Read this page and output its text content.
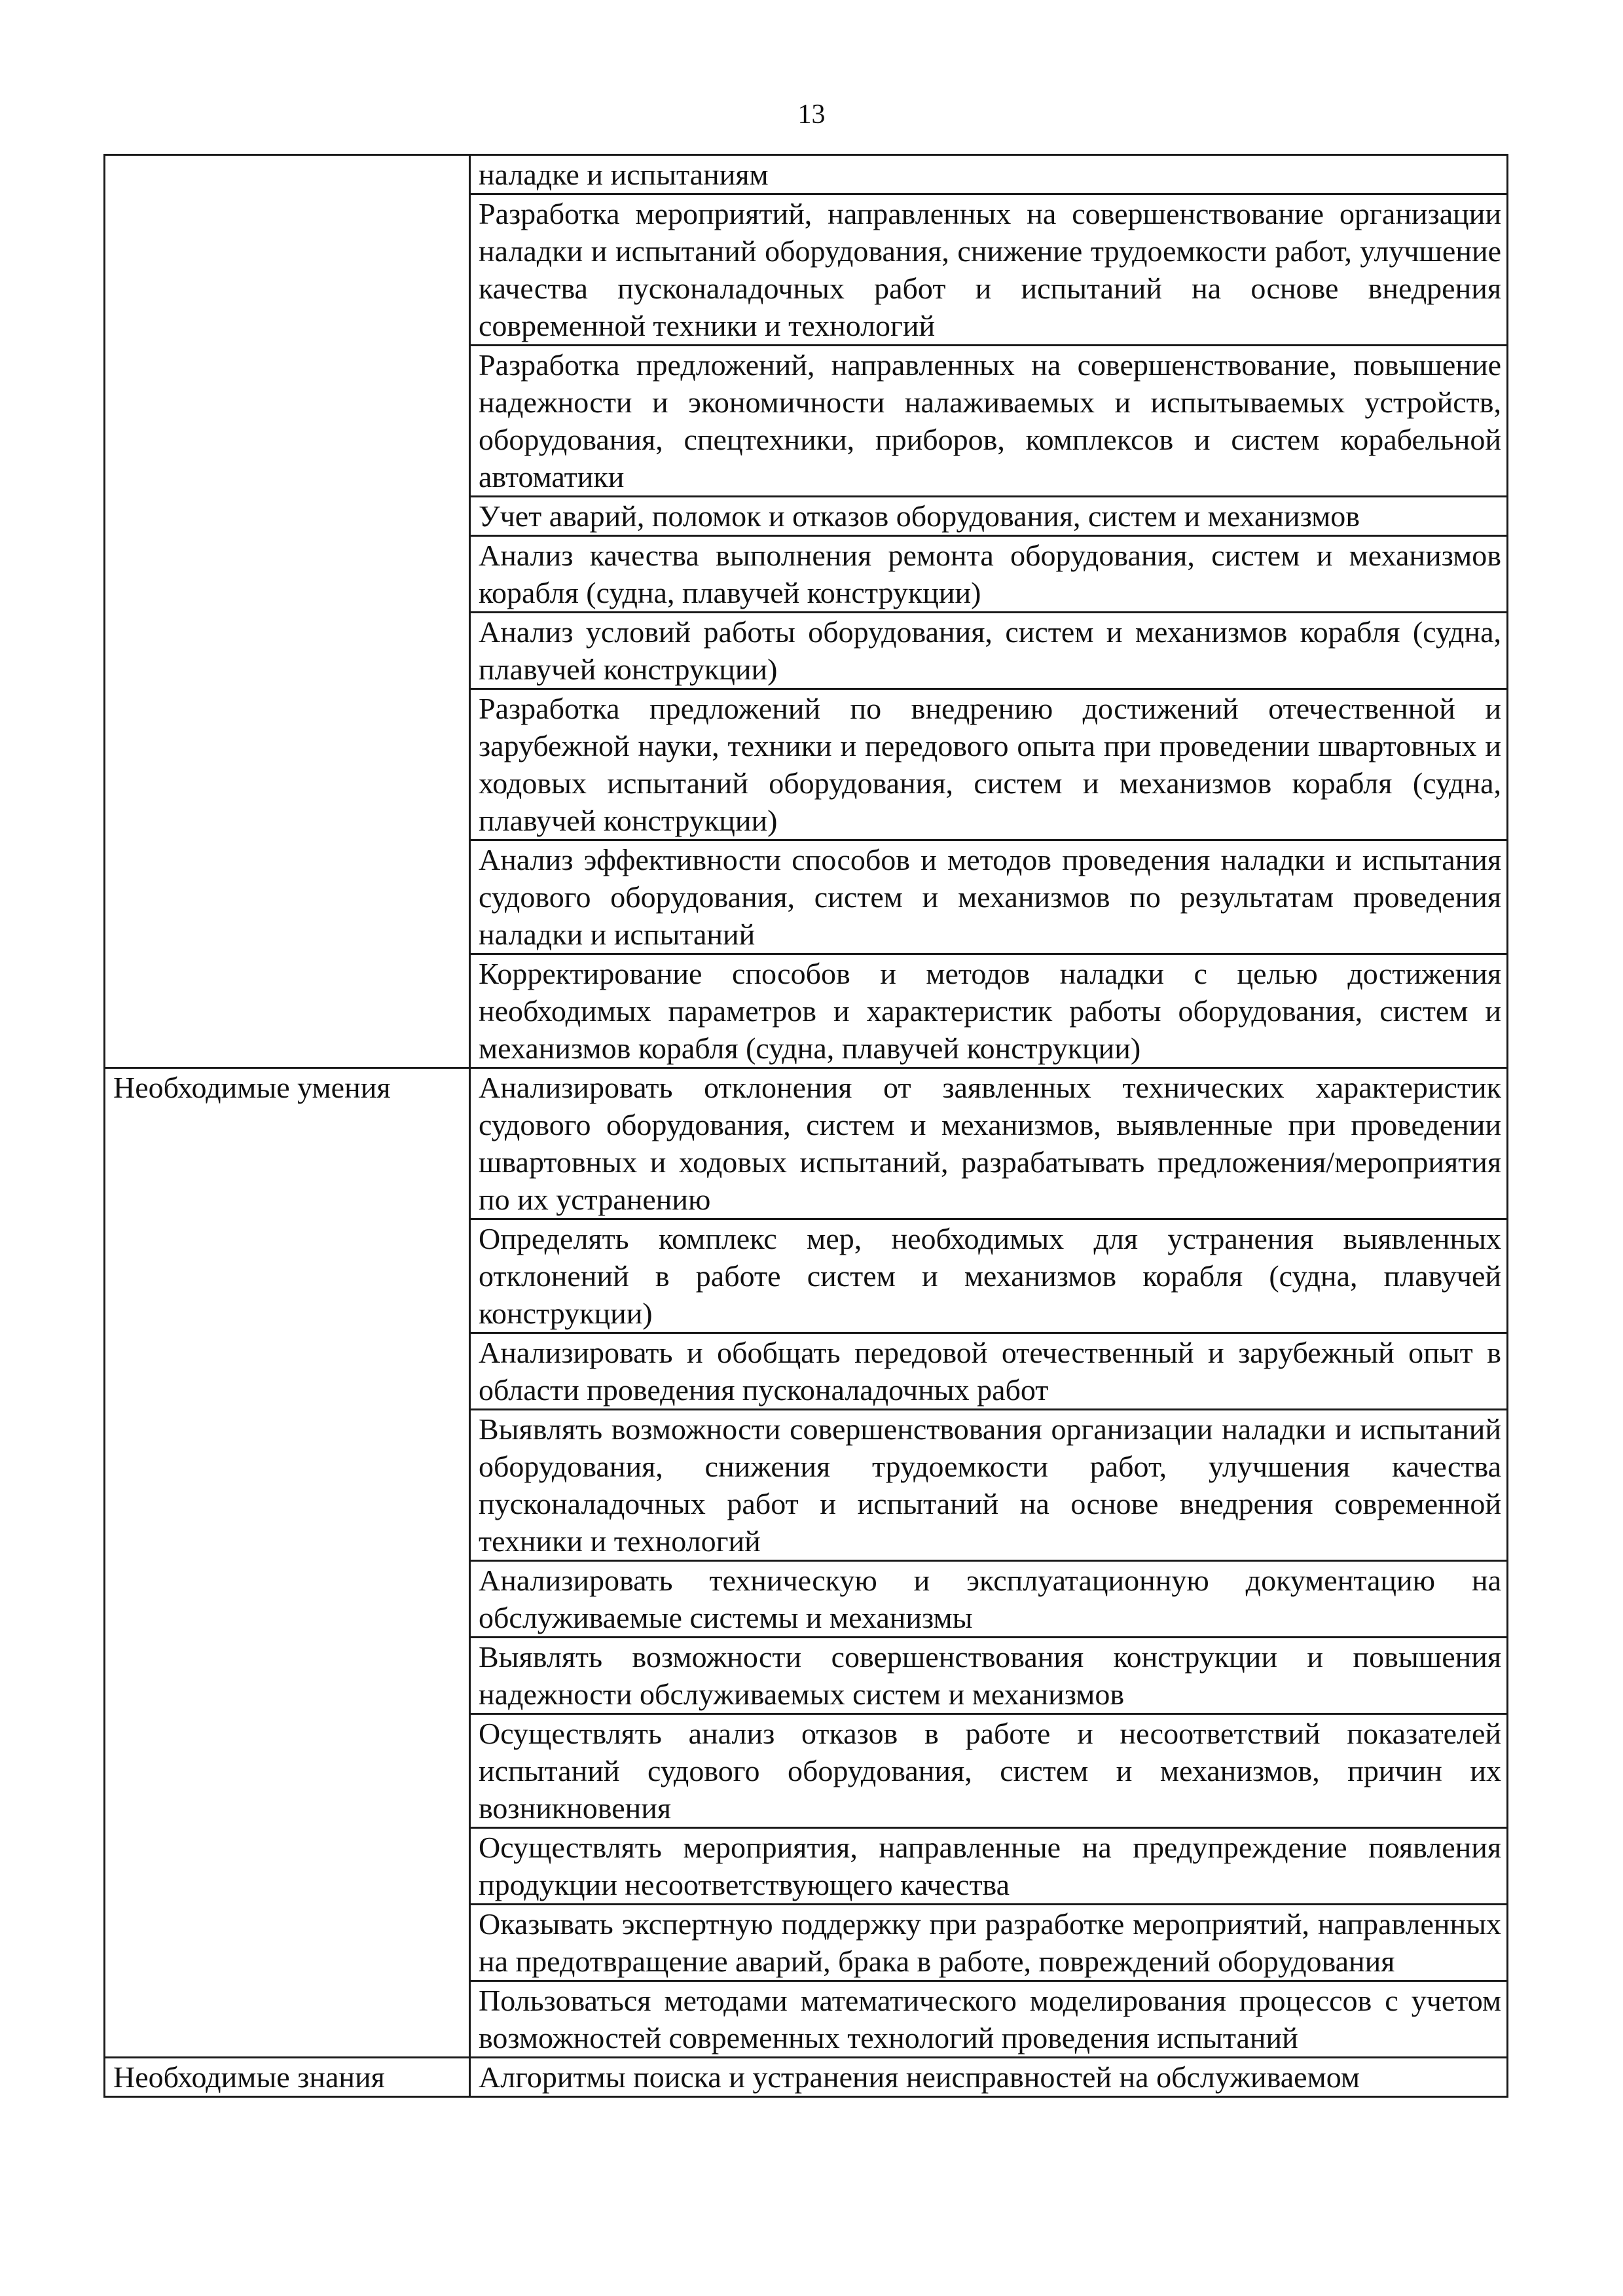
13
	наладке и испытаниям
	Разработка мероприятий, направленных на совершенствование организации наладки и испытаний оборудования, снижение трудоемкости работ, улучшение качества пусконаладочных работ и испытаний на основе внедрения современной техники и технологий
	Разработка предложений, направленных на совершенствование, повышение надежности и экономичности налаживаемых и испытываемых устройств, оборудования, спецтехники, приборов, комплексов и систем корабельной автоматики
	Учет аварий, поломок и отказов оборудования, систем и механизмов
	Анализ качества выполнения ремонта оборудования, систем и механизмов корабля (судна, плавучей конструкции)
	Анализ условий работы оборудования, систем и механизмов корабля (судна, плавучей конструкции)
	Разработка предложений по внедрению достижений отечественной и зарубежной науки, техники и передового опыта при проведении швартовных и ходовых испытаний оборудования, систем и механизмов корабля (судна, плавучей конструкции)
	Анализ эффективности способов и методов проведения наладки и испытания судового оборудования, систем и механизмов по результатам проведения наладки и испытаний
	Корректирование способов и методов наладки с целью достижения необходимых параметров и характеристик работы оборудования, систем и механизмов корабля (судна, плавучей конструкции)
Необходимые умения	Анализировать отклонения от заявленных технических характеристик судового оборудования, систем и механизмов, выявленные при проведении швартовных и ходовых испытаний, разрабатывать предложения/мероприятия по их устранению
	Определять комплекс мер, необходимых для устранения выявленных отклонений в работе систем и механизмов корабля (судна, плавучей конструкции)
	Анализировать и обобщать передовой отечественный и зарубежный опыт в области проведения пусконаладочных работ
	Выявлять возможности совершенствования организации наладки и испытаний оборудования, снижения трудоемкости работ, улучшения качества пусконаладочных работ и испытаний на основе внедрения современной техники и технологий
	Анализировать техническую и эксплуатационную документацию на обслуживаемые системы и механизмы
	Выявлять возможности совершенствования конструкции и повышения надежности обслуживаемых систем и механизмов
	Осуществлять анализ отказов в работе и несоответствий показателей испытаний судового оборудования, систем и механизмов, причин их возникновения
	Осуществлять мероприятия, направленные на предупреждение появления продукции несоответствующего качества
	Оказывать экспертную поддержку при разработке мероприятий, направленных на предотвращение аварий, брака в работе, повреждений оборудования
	Пользоваться методами математического моделирования процессов с учетом возможностей современных технологий проведения испытаний
Необходимые знания	Алгоритмы поиска и устранения неисправностей на обслуживаемом
